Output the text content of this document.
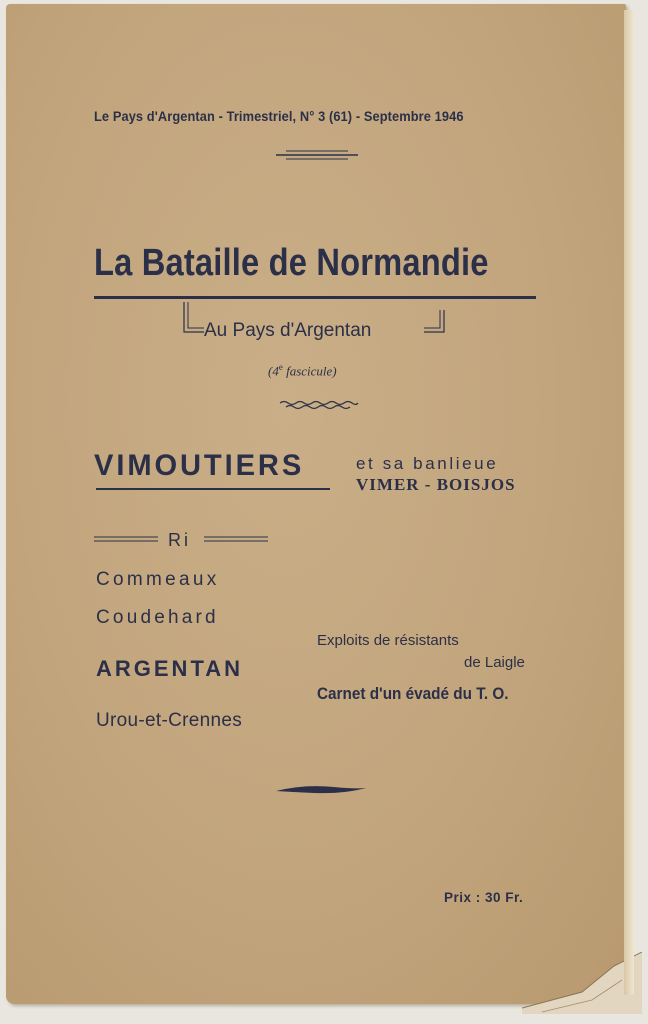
Le Pays d'Argentan - Trimestriel, N° 3 (61) - Septembre 1946
La Bataille de Normandie
Au Pays d'Argentan
(4e fascicule)
VIMOUTIERS	et sa banlieue
VIMER - BOISJOS
Ri
Commeaux
Coudehard
ARGENTAN
Urou-et-Crennes
Exploits de résistants
de Laigle
Carnet d'un évadé du T. O.
Prix : 30 Fr.
